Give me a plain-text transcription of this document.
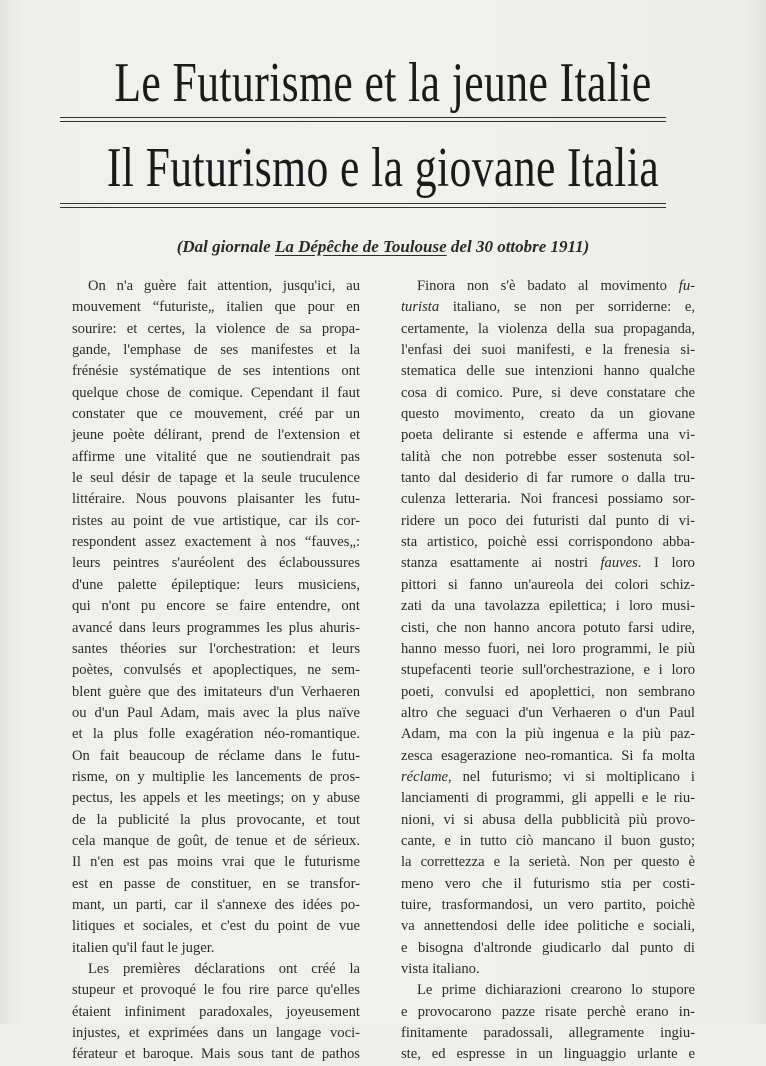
Le Futurisme et la jeune Italie
Il Futurismo e la giovane Italia
(Dal giornale La Dépêche de Toulouse del 30 ottobre 1911)
On n'a guère fait attention, jusqu'ici, au
mouvement “futuriste„ italien que pour en
sourire: et certes, la violence de sa propa-
gande, l'emphase de ses manifestes et la
frénésie systématique de ses intentions ont
quelque chose de comique. Cependant il faut
constater que ce mouvement, créé par un
jeune poète délirant, prend de l'extension et
affirme une vitalité que ne soutiendrait pas
le seul désir de tapage et la seule truculence
littéraire. Nous pouvons plaisanter les futu-
ristes au point de vue artistique, car ils cor-
respondent assez exactement à nos “fauves„:
leurs peintres s'auréolent des éclaboussures
d'une palette épileptique: leurs musiciens,
qui n'ont pu encore se faire entendre, ont
avancé dans leurs programmes les plus ahuris-
santes théories sur l'orchestration: et leurs
poètes, convulsés et apoplectiques, ne sem-
blent guère que des imitateurs d'un Verhaeren
ou d'un Paul Adam, mais avec la plus naïve
et la plus folle exagération néo-romantique.
On fait beaucoup de réclame dans le futu-
risme, on y multiplie les lancements de pros-
pectus, les appels et les meetings; on y abuse
de la publicité la plus provocante, et tout
cela manque de goût, de tenue et de sérieux.
Il n'en est pas moins vrai que le futurisme
est en passe de constituer, en se transfor-
mant, un parti, car il s'annexe des idées po-
litiques et sociales, et c'est du point de vue
italien qu'il faut le juger.
Les premières déclarations ont créé la
stupeur et provoqué le fou rire parce qu'elles
étaient infiniment paradoxales, joyeusement
injustes, et exprimées dans un langage voci-
férateur et baroque. Mais sous tant de pathos
Finora non s'è badato al movimento fu-
turista italiano, se non per sorriderne: e,
certamente, la violenza della sua propaganda,
l'enfasi dei suoi manifesti, e la frenesia si-
stematica delle sue intenzioni hanno qualche
cosa di comico. Pure, si deve constatare che
questo movimento, creato da un giovane
poeta delirante si estende e afferma una vi-
talità che non potrebbe esser sostenuta sol-
tanto dal desiderio di far rumore o dalla tru-
culenza letteraria. Noi francesi possiamo sor-
ridere un poco dei futuristi dal punto di vi-
sta artistico, poichè essi corrispondono abba-
stanza esattamente ai nostri fauves. I loro
pittori si fanno un'aureola dei colori schiz-
zati da una tavolazza epilettica; i loro musi-
cisti, che non hanno ancora potuto farsi udire,
hanno messo fuori, nei loro programmi, le più
stupefacenti teorie sull'orchestrazione, e i loro
poeti, convulsi ed apoplettici, non sembrano
altro che seguaci d'un Verhaeren o d'un Paul
Adam, ma con la più ingenua e la più paz-
zesca esagerazione neo-romantica. Si fa molta
réclame, nel futurismo; vi si moltiplicano i
lanciamenti di programmi, gli appelli e le riu-
nioni, vi si abusa della pubblicità più provo-
cante, e in tutto ciò mancano il buon gusto;
la correttezza e la serietà. Non per questo è
meno vero che il futurismo stia per costi-
tuire, trasformandosi, un vero partito, poichè
va annettendosi delle idee politiche e sociali,
e bisogna d'altronde giudicarlo dal punto di
vista italiano.
Le prime dichiarazioni crearono lo stupore
e provocarono pazze risate perchè erano in-
finitamente paradossali, allegramente ingiu-
ste, ed espresse in un linguaggio urlante e
